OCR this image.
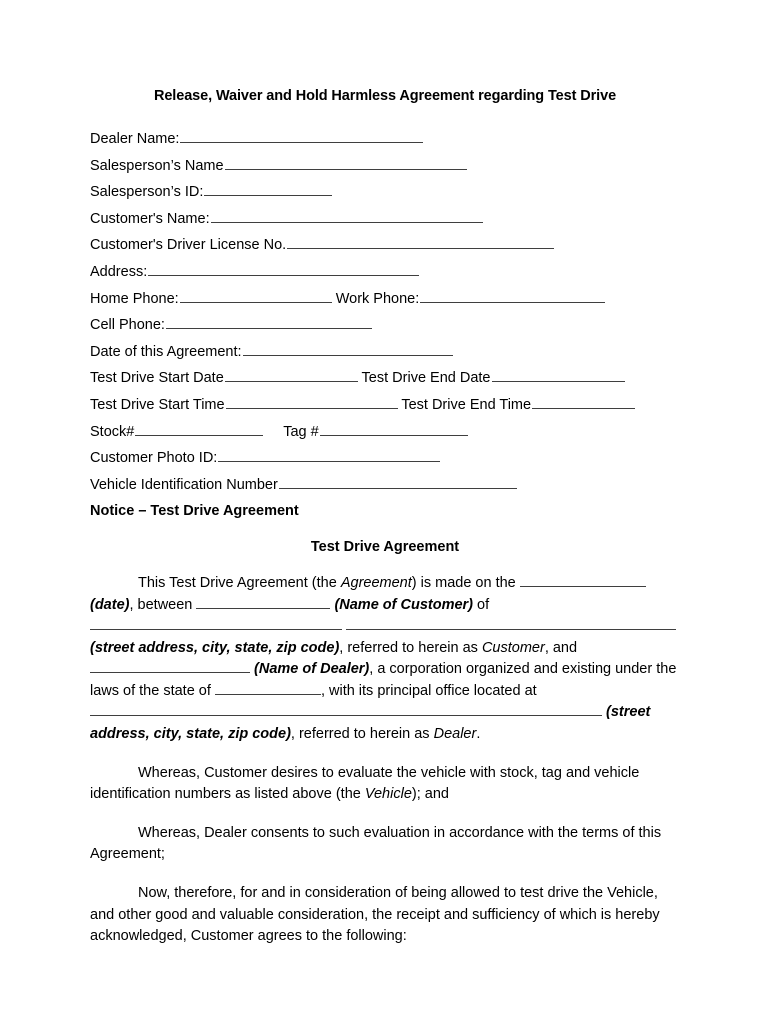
Release, Waiver and Hold Harmless Agreement regarding Test Drive
Dealer Name:
Salesperson’s Name
Salesperson’s ID:
Customer's Name:
Customer's Driver License No.
Address:
Home Phone:	Work Phone:
Cell Phone:
Date of this Agreement:
Test Drive Start Date	Test Drive End Date
Test Drive Start Time	Test Drive End Time
Stock#	Tag #
Customer Photo ID:
Vehicle Identification Number
Notice – Test Drive Agreement
Test Drive Agreement

This Test Drive Agreement (the Agreement) is made on the (date), between	(Name of Customer) of (street address, city, state, zip code), referred to herein as Customer, and  (Name of Dealer), a corporation organized and existing under the laws of the state of	, with its principal office located at  (street address, city, state, zip code), referred to herein as Dealer.

Whereas, Customer desires to evaluate the vehicle with stock, tag and vehicle identification numbers as listed above (the Vehicle); and

Whereas, Dealer consents to such evaluation in accordance with the terms of this Agreement;

Now, therefore, for and in consideration of being allowed to test drive the Vehicle, and other good and valuable consideration, the receipt and sufficiency of which is hereby acknowledged, Customer agrees to the following:
